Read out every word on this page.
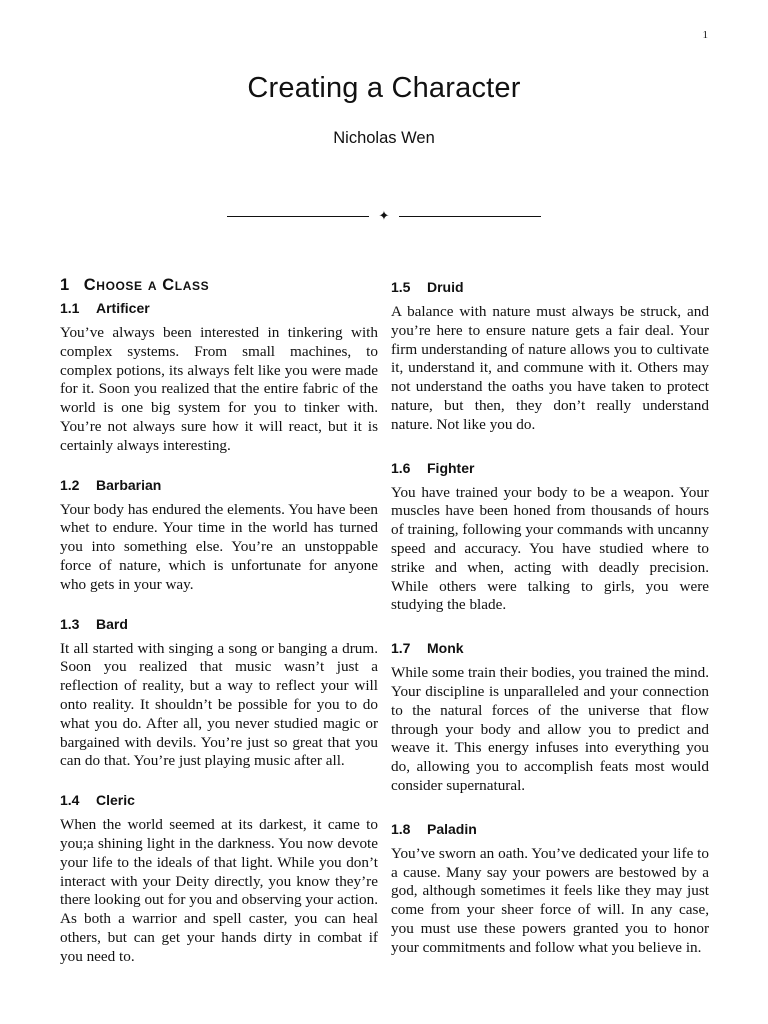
1
Creating a Character
Nicholas Wen
✦
1 Choose a Class
1.1 Artificer

You’ve always been interested in tinkering with complex systems. From small machines, to complex potions, its always felt like you were made for it. Soon you realized that the entire fabric of the world is one big system for you to tinker with. You’re not always sure how it will react, but it is certainly always interesting.

1.2 Barbarian

Your body has endured the elements. You have been whet to endure. Your time in the world has turned you into something else. You’re an unstoppable force of nature, which is unfortunate for anyone who gets in your way.

1.3 Bard

It all started with singing a song or banging a drum. Soon you realized that music wasn’t just a reflection of reality, but a way to reflect your will onto reality. It shouldn’t be possible for you to do what you do. After all, you never studied magic or bargained with devils. You’re just so great that you can do that. You’re just playing music after all.

1.4 Cleric

When the world seemed at its darkest, it came to you;a shining light in the darkness. You now devote your life to the ideals of that light. While you don’t interact with your Deity directly, you know they’re there looking out for you and observing your action. As both a warrior and spell caster, you can heal others, but can get your hands dirty in combat if you need to.

1.5 Druid

A balance with nature must always be struck, and you’re here to ensure nature gets a fair deal. Your firm understanding of nature allows you to cultivate it, understand it, and commune with it. Others may not understand the oaths you have taken to protect nature, but then, they don’t really understand nature. Not like you do.

1.6 Fighter

You have trained your body to be a weapon. Your muscles have been honed from thousands of hours of training, following your commands with uncanny speed and accuracy. You have studied where to strike and when, acting with deadly precision. While others were talking to girls, you were studying the blade.

1.7 Monk

While some train their bodies, you trained the mind. Your discipline is unparalleled and your connection to the natural forces of the universe that flow through your body and allow you to predict and weave it. This energy infuses into everything you do, allowing you to accomplish feats most would consider supernatural.

1.8 Paladin

You’ve sworn an oath. You’ve dedicated your life to a cause. Many say your powers are bestowed by a god, although sometimes it feels like they may just come from your sheer force of will. In any case, you must use these powers granted you to honor your commitments and follow what you believe in.
